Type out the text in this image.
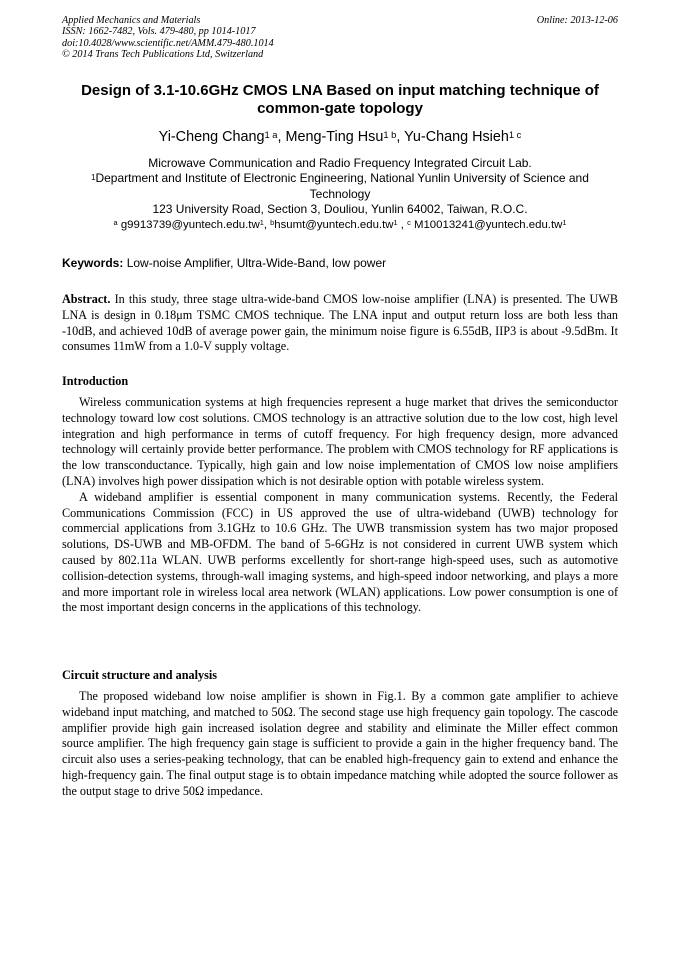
Applied Mechanics and Materials
ISSN: 1662-7482, Vols. 479-480, pp 1014-1017
doi:10.4028/www.scientific.net/AMM.479-480.1014
© 2014 Trans Tech Publications Ltd, Switzerland
Online: 2013-12-06
Design of 3.1-10.6GHz CMOS LNA Based on input matching technique of common-gate topology
Yi-Cheng Chang$^{1 a}$, Meng-Ting Hsu$^{1 b}$, Yu-Chang Hsieh$^{1 c}$
Microwave Communication and Radio Frequency Integrated Circuit Lab.
$^1$Department and Institute of Electronic Engineering, National Yunlin University of Science and Technology
123 University Road, Section 3, Douliou, Yunlin 64002, Taiwan, R.O.C.
$^a$ $g9913739@yuntech.edu.tw^1$, $^bhsumt@yuntech.edu.tw^1$ , $^c$ $M10013241@yuntech.edu.tw^1$
Keywords: Low-noise Amplifier, Ultra-Wide-Band, low power

Abstract. In this study, three stage ultra-wide-band CMOS low-noise amplifier (LNA) is presented. The UWB LNA is design in 0.18μm TSMC CMOS technique. The LNA input and output return loss are both less than -10dB, and achieved 10dB of average power gain, the minimum noise figure is 6.55dB, IIP3 is about -9.5dBm. It consumes 11mW from a 1.0-V supply voltage.

Introduction

Wireless communication systems at high frequencies represent a huge market that drives the semiconductor technology toward low cost solutions. CMOS technology is an attractive solution due to the low cost, high level integration and high performance in terms of cutoff frequency. For high frequency design, more advanced technology will certainly provide better performance. The problem with CMOS technology for RF applications is the low transconductance. Typically, high gain and low noise implementation of CMOS low noise amplifiers (LNA) involves high power dissipation which is not desirable option with potable wireless system.

A wideband amplifier is essential component in many communication systems. Recently, the Federal Communications Commission (FCC) in US approved the use of ultra-wideband (UWB) technology for commercial applications from 3.1GHz to 10.6 GHz. The UWB transmission system has two major proposed solutions, DS-UWB and MB-OFDM. The band of 5-6GHz is not considered in current UWB system which caused by 802.11a WLAN. UWB performs excellently for short-range high-speed uses, such as automotive collision-detection systems, through-wall imaging systems, and high-speed indoor networking, and plays a more and more important role in wireless local area network (WLAN) applications. Low power consumption is one of the most important design concerns in the applications of this technology.

Circuit structure and analysis

The proposed wideband low noise amplifier is shown in Fig.1. By a common gate amplifier to achieve wideband input matching, and matched to 50Ω. The second stage use high frequency gain topology. The cascode amplifier provide high gain increased isolation degree and stability and eliminate the Miller effect common source amplifier. The high frequency gain stage is sufficient to provide a gain in the higher frequency band. The circuit also uses a series-peaking technology, that can be enabled high-frequency gain to extend and enhance the high-frequency gain. The final output stage is to obtain impedance matching while adopted the source follower as the output stage to drive 50Ω impedance.
